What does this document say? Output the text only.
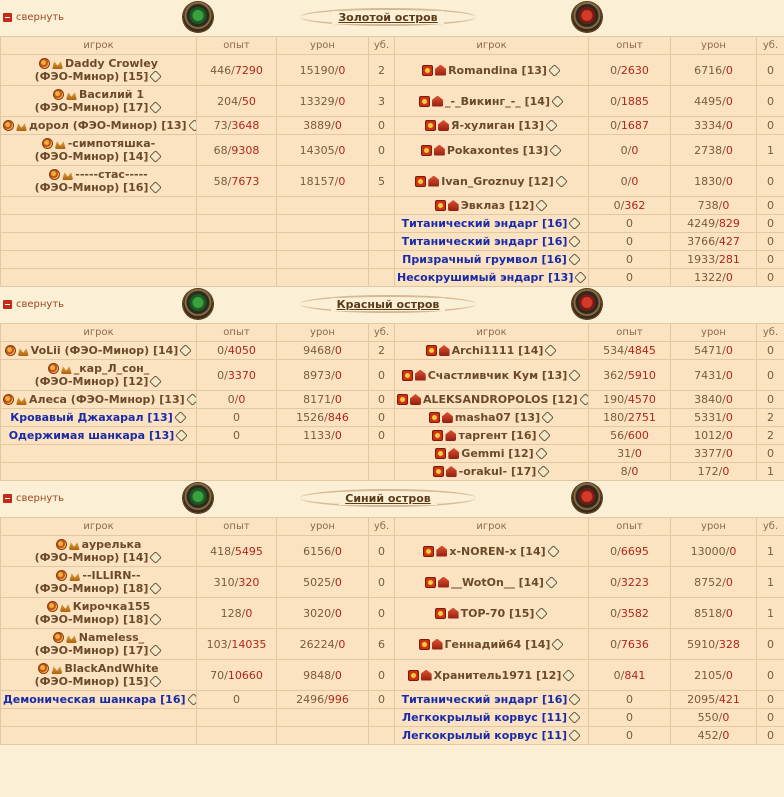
свернуть	Золотой остров
игрок	опыт	урон	уб.	игрок	опыт	урон	уб.

Daddy Crowley
(ФЭО-Минор) [15]	446/7290	15190/0	2	Romandina [13]	0/2630	6716/0	0

Василий 1
(ФЭО-Минор) [17]	204/50	13329/0	3	_-_Викинг_-_ [14]	0/1885	4495/0	0

дорол (ФЭО-Минор) [13]	73/3648	3889/0	0	Я-хулиган [13]	0/1687	3334/0	0

-симпотяшка-
(ФЭО-Минор) [14]	68/9308	14305/0	0	Pokaxontes [13]	0/0	2738/0	1

-----стас-----
(ФЭО-Минор) [16]	58/7673	18157/0	5	Ivan_Groznuy [12]	0/0	1830/0	0

				Эвклаз [12]	0/362	738/0	0
				Титанический эндарг [16]	0	4249/829	0
				Титанический эндарг [16]	0	3766/427	0
				Призрачный грумвол [16]	0	1933/281	0
				Несокрушимый эндарг [13]	0	1322/0	0
свернуть	Красный остров
игрок	опыт	урон	уб.	игрок	опыт	урон	уб.

VoLii (ФЭО-Минор) [14]	0/4050	9468/0	2	Archi1111 [14]	534/4845	5471/0	0

_кар_Л_сон_
(ФЭО-Минор) [12]	0/3370	8973/0	0	Счастливчик Кум [13]	362/5910	7431/0	0

Алеса (ФЭО-Минор) [13]	0/0	8171/0	0	ALEKSANDROPOLOS [12]	190/4570	3840/0	0
Кровавый Джахарал [13]	0	1526/846	0	masha07 [13]	180/2751	5331/0	2
Одержимая шанкара [13]	0	1133/0	0	таргент [16]	56/600	1012/0	2

				Gemmi [12]	31/0	3377/0	0

				-orakul- [17]	8/0	172/0	1
свернуть	Синий остров
игрок	опыт	урон	уб.	игрок	опыт	урон	уб.

аурелька
(ФЭО-Минор) [14]	418/5495	6156/0	0	x-NOREN-x [14]	0/6695	13000/0	1

--ILLIRN--
(ФЭО-Минор) [18]	310/320	5025/0	0	__WotOn__ [14]	0/3223	8752/0	1

Кирочка155
(ФЭО-Минор) [18]	128/0	3020/0	0	TOP-70 [15]	0/3582	8518/0	1

Nameless_
(ФЭО-Минор) [17]	103/14035	26224/0	6	Геннадий64 [14]	0/7636	5910/328	0

BlackAndWhite
(ФЭО-Минор) [15]	70/10660	9848/0	0	Хранитель1971 [12]	0/841	2105/0	0
Демоническая шанкара [16]	0	2496/996	0	Титанический эндарг [16]	0	2095/421	0
				Легкокрылый корвус [11]	0	550/0	0
				Легкокрылый корвус [11]	0	452/0	0
